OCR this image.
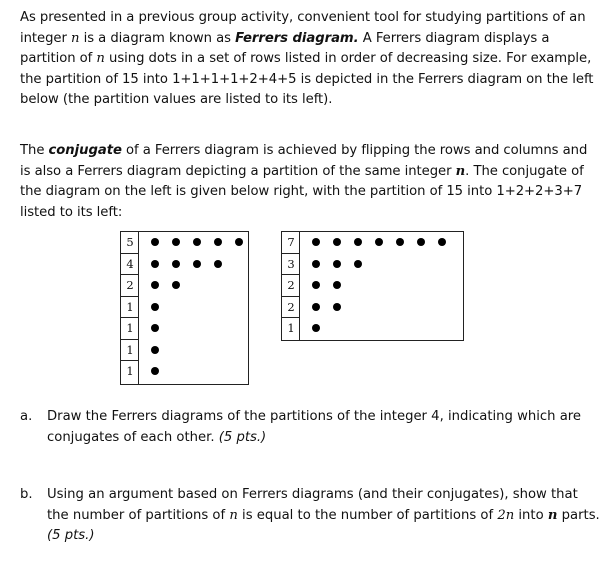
As presented in a previous group activity, convenient tool for studying partitions of an integer n is a diagram known as Ferrers diagram. A Ferrers diagram displays a partition of n using dots in a set of rows listed in order of decreasing size. For example, the partition of 15 into 1+1+1+1+2+4+5 is depicted in the Ferrers diagram on the left below (the partition values are listed to its left).
The conjugate of a Ferrers diagram is achieved by flipping the rows and columns and is also a Ferrers diagram depicting a partition of the same integer n. The conjugate of the diagram on the left is given below right, with the partition of 15 into 1+2+2+3+7 listed to its left:
5
4
2
1
1
1
1
7
3
2
2
1
a. Draw the Ferrers diagrams of the partitions of the integer 4, indicating which are conjugates of each other. (5 pts.)
b. Using an argument based on Ferrers diagrams (and their conjugates), show that the number of partitions of n is equal to the number of partitions of 2n into n parts. (5 pts.)
